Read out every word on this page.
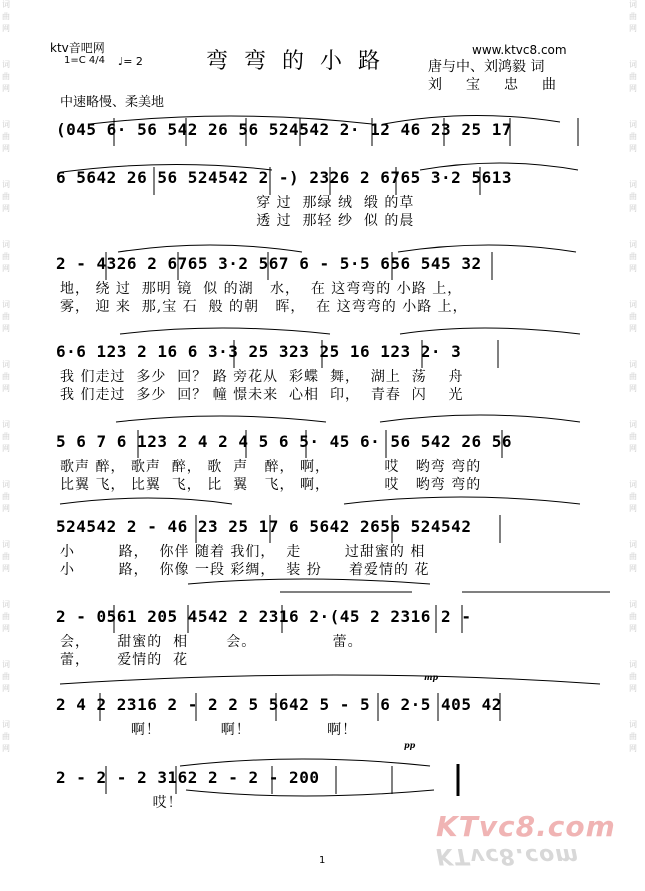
词
曲
网
词
曲
网
词
曲
网
词
曲
网
词
曲
网
词
曲
网
词
曲
网
词
曲
网
词
曲
网
词
曲
网
词
曲
网
词
曲
网
词
曲
网
词
曲
网
词
曲
网
词
曲
网
词
曲
网
词
曲
网
词
曲
网
词
曲
网
词
曲
网
词
曲
网
词
曲
网
词
曲
网
词
曲
网
词
曲
网
ktv音吧网
1=C 4/4 ♩= 2	弯弯的小路	www.ktvc8.com
唐与中、刘鸿毅 词
刘宝忠曲
中速略慢、柔美地
(045 6· 56 542 26 56 524542 2· 12 46 23 25 17
6 5642 26 56 524542 2 -) 2326 2 6765 3·2 5613
穿 过  那绿 绒  缎 的草
透 过  那轻 纱  似 的晨
2 - 4326 2 6765 3·2 567 6 - 5·5 656 545 32
地， 绕 过  那明 镜  似 的湖   水，  在 这弯弯的 小路 上，
雾， 迎 来  那,宝 石  般 的朝   晖，  在 这弯弯的 小路 上，
6·6 123 2 16 6 3·3 25 323 25 16 123 2· 3
我 们走过  多少  回？ 路 旁花从  彩蝶  舞，  湖上  荡    舟
我 们走过  多少  回？ 幢 憬未来  心相  印，  青春  闪    光
5 6 7 6 123 2 4 2 4 5 6 5· 45 6· 56 542 26 56
歌声 醉， 歌声  醉， 歌  声   醉， 啊，          哎   哟弯 弯的
比翼 飞， 比翼  飞， 比  翼   飞， 啊，          哎   哟弯 弯的
524542 2 - 46 23 25 17 6 5642 2656 524542
小        路，  你伴 随着 我们，  走        过甜蜜的 相
小        路，  你像 一段 彩绸，  装 扮     着爱情的 花
2 - 0561 205 4542 2 2316 2·(45 2 2316 2 -
会，     甜蜜的  相       会。              蕾。
蕾，     爱情的  花
2 4 2 2316 2 - 2 2 5 5642 5 - 5 6 2·5 405 42
啊！           啊！              啊！
2 - 2 - 2 3162 2 - 2 - 200
哎！
mp
pp
1
KTvc8.com
KTvc8.com
